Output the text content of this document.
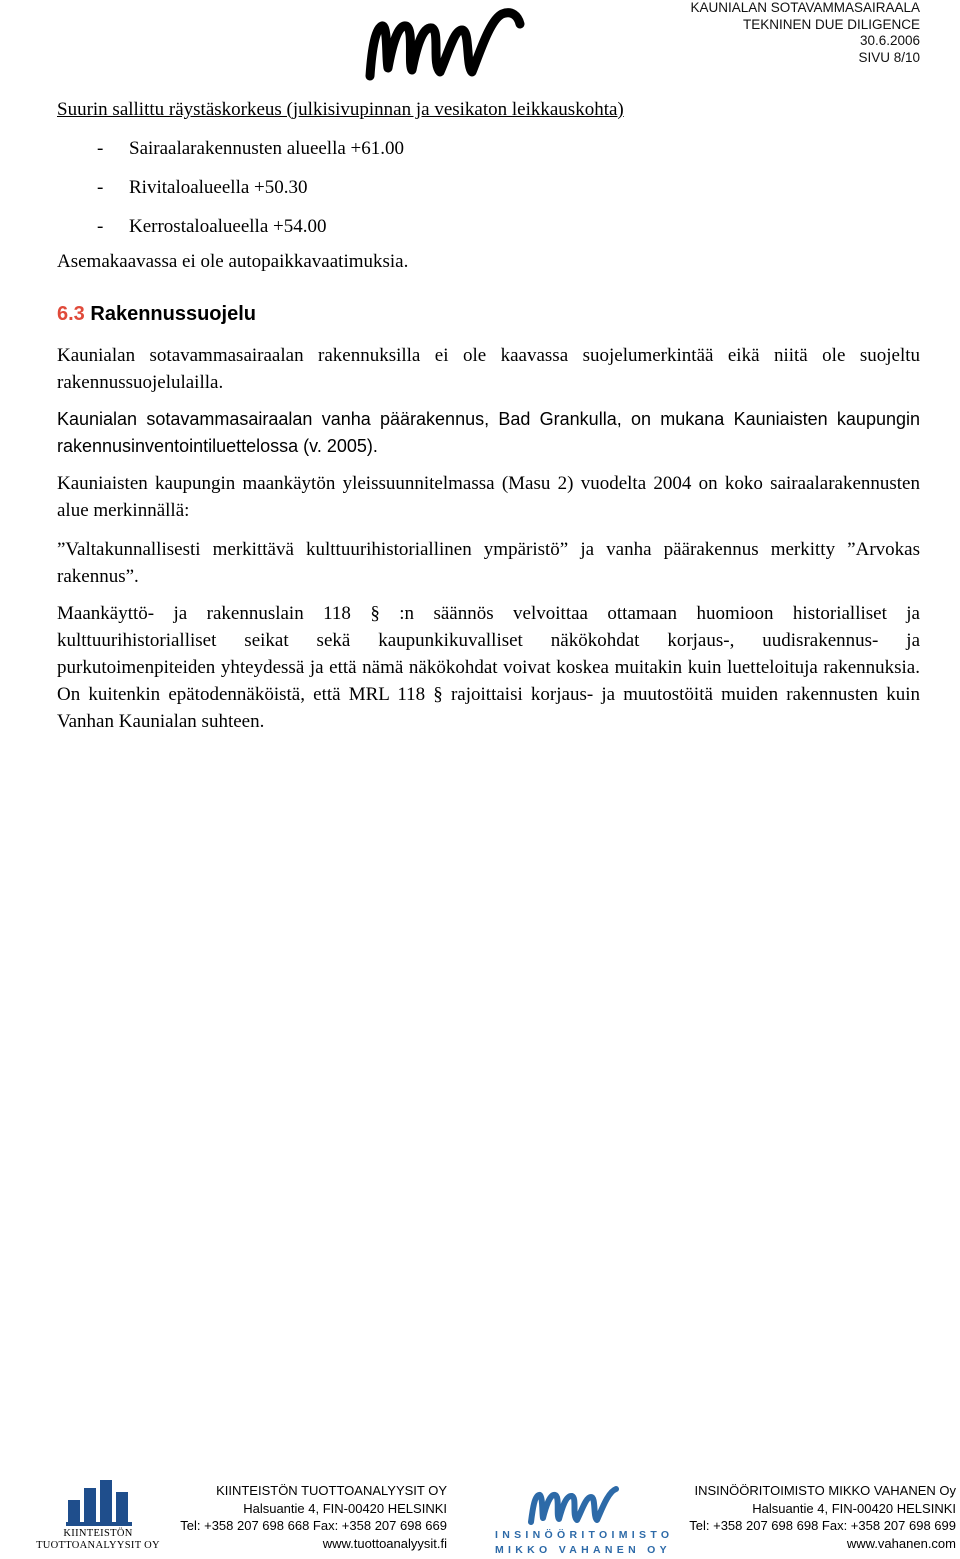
KAUNIALAN SOTAVAMMASAIRAALA
TEKNINEN DUE DILIGENCE
30.6.2006
SIVU 8/10

Suurin sallittu räystäskorkeus (julkisivupinnan ja vesikaton leikkauskohta)

- Sairaalarakennusten alueella +61.00
- Rivitaloalueella +50.30
- Kerrostaloalueella +54.00

Asemakaavassa ei ole autopaikkavaatimuksia.

6.3 Rakennussuojelu

Kaunialan sotavammasairaalan rakennuksilla ei ole kaavassa suojelumerkintää eikä niitä ole suojeltu rakennussuojelulailla.

Kaunialan sotavammasairaalan vanha päärakennus, Bad Grankulla, on mukana Kauniaisten kaupungin rakennusinventointiluettelossa (v. 2005).

Kauniaisten kaupungin maankäytön yleissuunnitelmassa (Masu 2) vuodelta 2004 on koko sairaalarakennusten alue merkinnällä:

”Valtakunnallisesti merkittävä kulttuurihistoriallinen ympäristö” ja vanha päärakennus merkitty ”Arvokas rakennus”.

Maankäyttö- ja rakennuslain 118 § :n säännös velvoittaa ottamaan huomioon historialliset ja kulttuurihistorialliset seikat sekä kaupunkikuvalliset näkökohdat korjaus-, uudisrakennus- ja purkutoimenpiteiden yhteydessä ja että nämä näkökohdat voivat koskea muitakin kuin luetteloituja rakennuksia. On kuitenkin epätodennäköistä, että MRL 118 § rajoittaisi korjaus- ja muutostöitä muiden rakennusten kuin Vanhan Kaunialan suhteen.

KIINTEISTÖN
TUOTTOANALYYSIT OY
KIINTEISTÖN TUOTTOANALYYSIT OY
Halsuantie 4, FIN-00420 HELSINKI
Tel: +358 207 698 668 Fax: +358 207 698 669
www.tuottoanalyysit.fi
INSINÖÖRITOIMISTO
MIKKO VAHANEN OY
INSINÖÖRITOIMISTO MIKKO VAHANEN Oy
Halsuantie 4, FIN-00420 HELSINKI
Tel: +358 207 698 698 Fax: +358 207 698 699
www.vahanen.com
